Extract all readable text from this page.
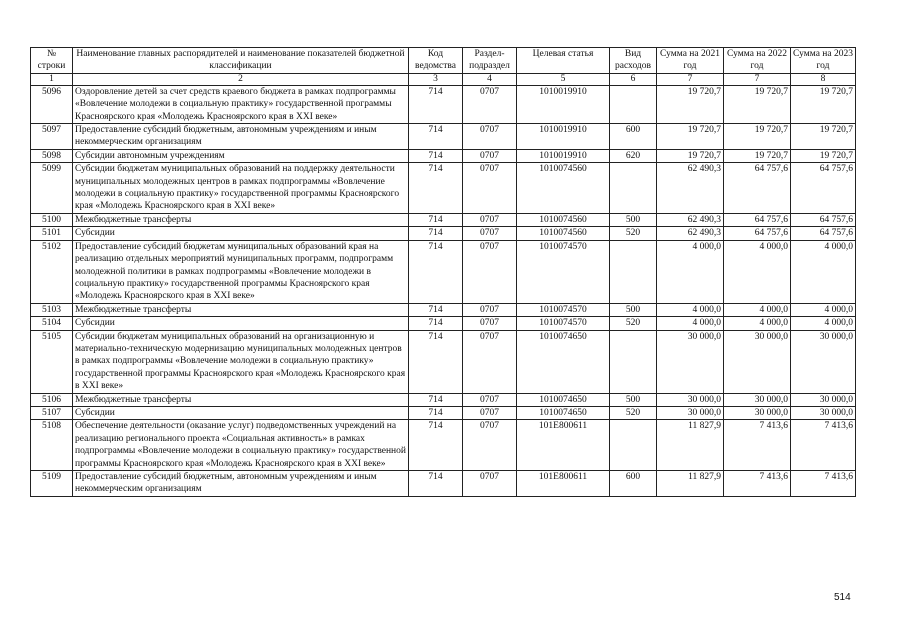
№ строки	Наименование главных распорядителей и наименование показателей бюджетной классификации	Код ведомства	Раздел-подраздел	Целевая статья	Вид расходов	Сумма на 2021 год	Сумма на 2022 год	Сумма на 2023 год
1	2	3	4	5	6	7	7	8
5096	Оздоровление детей за счет средств краевого бюджета в рамках подпрограммы «Вовлечение молодежи в социальную практику» государственной программы Красноярского края «Молодежь Красноярского края в XXI веке»	714	0707	1010019910		19 720,7	19 720,7	19 720,7
5097	Предоставление субсидий бюджетным, автономным учреждениям и иным некоммерческим организациям	714	0707	1010019910	600	19 720,7	19 720,7	19 720,7
5098	Субсидии автономным учреждениям	714	0707	1010019910	620	19 720,7	19 720,7	19 720,7
5099	Субсидии бюджетам муниципальных образований на поддержку деятельности муниципальных молодежных центров в рамках подпрограммы «Вовлечение молодежи в социальную практику» государственной программы Красноярского края «Молодежь Красноярского края в XXI веке»	714	0707	1010074560		62 490,3	64 757,6	64 757,6
5100	Межбюджетные трансферты	714	0707	1010074560	500	62 490,3	64 757,6	64 757,6
5101	Субсидии	714	0707	1010074560	520	62 490,3	64 757,6	64 757,6
5102	Предоставление субсидий бюджетам муниципальных образований края на реализацию отдельных мероприятий муниципальных программ, подпрограмм молодежной политики в рамках подпрограммы «Вовлечение молодежи в социальную практику» государственной программы Красноярского края «Молодежь Красноярского края в XXI веке»	714	0707	1010074570		4 000,0	4 000,0	4 000,0
5103	Межбюджетные трансферты	714	0707	1010074570	500	4 000,0	4 000,0	4 000,0
5104	Субсидии	714	0707	1010074570	520	4 000,0	4 000,0	4 000,0
5105	Субсидии бюджетам муниципальных образований на организационную и материально-техническую модернизацию муниципальных молодежных центров в рамках подпрограммы «Вовлечение молодежи в социальную практику» государственной программы Красноярского края «Молодежь Красноярского края в XXI веке»	714	0707	1010074650		30 000,0	30 000,0	30 000,0
5106	Межбюджетные трансферты	714	0707	1010074650	500	30 000,0	30 000,0	30 000,0
5107	Субсидии	714	0707	1010074650	520	30 000,0	30 000,0	30 000,0
5108	Обеспечение деятельности (оказание услуг) подведомственных учреждений на реализацию регионального проекта «Социальная активность» в рамках подпрограммы «Вовлечение молодежи в социальную практику» государственной программы Красноярского края «Молодежь Красноярского края в XXI веке»	714	0707	101E800611		11 827,9	7 413,6	7 413,6
5109	Предоставление субсидий бюджетным, автономным учреждениям и иным некоммерческим организациям	714	0707	101E800611	600	11 827,9	7 413,6	7 413,6
514
